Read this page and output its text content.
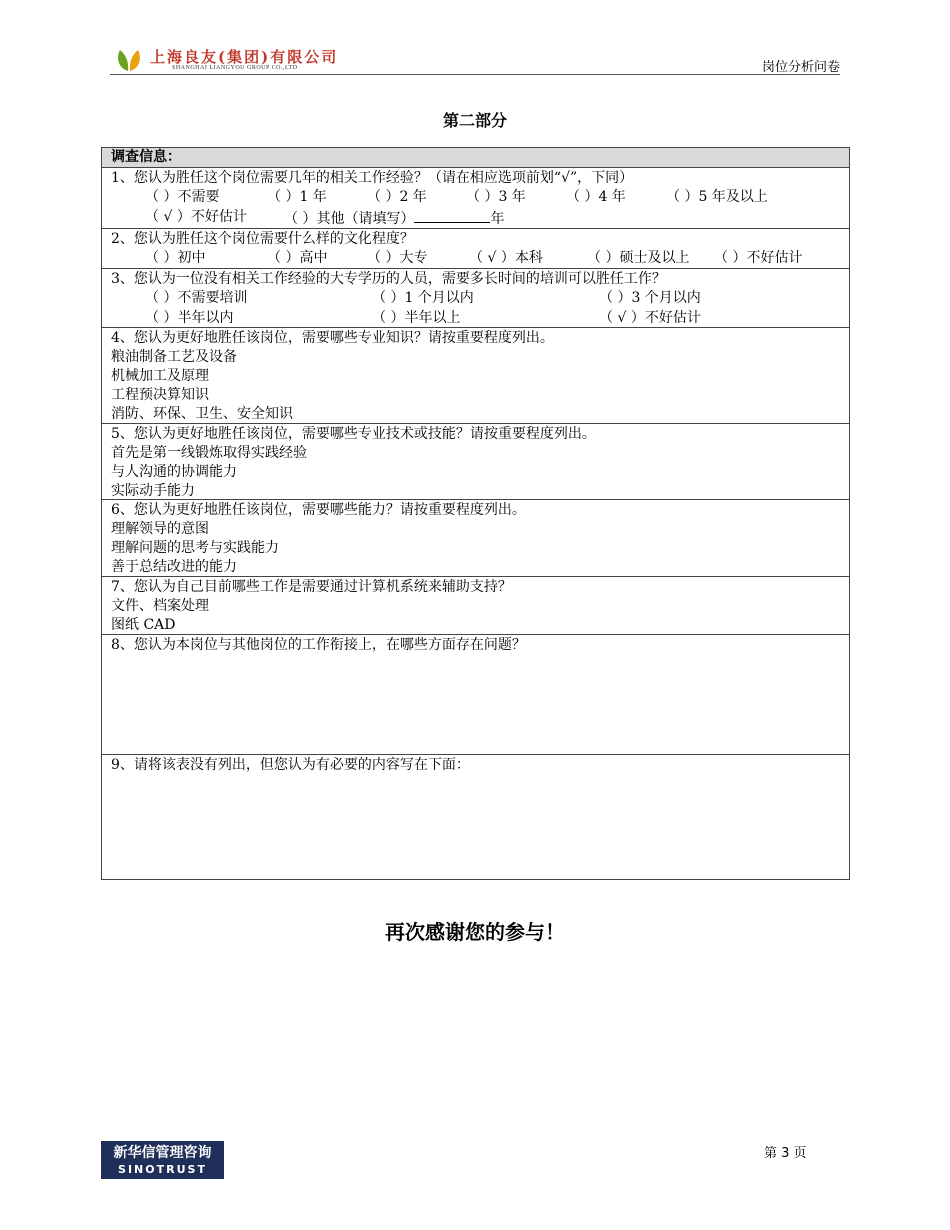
上海良友(集团)有限公司
SHANGHAI LIANGYOU GROUP CO.,LTD	岗位分析问卷
第二部分
调查信息：
1、您认为胜任这个岗位需要几年的相关工作经验？（请在相应选项前划“√”，下同）
（ ）不需要	（ ）1 年	（ ）2 年	（ ）3 年	（ ）4 年	（ ）5 年及以上
（ √ ）不好估计	（ ）其他（请填写）	年
2、您认为胜任这个岗位需要什么样的文化程度？
（ ）初中	（ ）高中	（ ）大专	（ √ ）本科	（ ）硕士及以上 （ ）不好估计
3、您认为一位没有相关工作经验的大专学历的人员，需要多长时间的培训可以胜任工作？
（ ）不需要培训	（ ）1 个月以内	（ ）3 个月以内
（ ）半年以内	（ ）半年以上	（ √ ）不好估计
4、您认为更好地胜任该岗位，需要哪些专业知识？请按重要程度列出。
粮油制备工艺及设备
机械加工及原理
工程预决算知识
消防、环保、卫生、安全知识
5、您认为更好地胜任该岗位，需要哪些专业技术或技能？请按重要程度列出。
首先是第一线锻炼取得实践经验
与人沟通的协调能力
实际动手能力
6、您认为更好地胜任该岗位，需要哪些能力？请按重要程度列出。
理解领导的意图
理解问题的思考与实践能力
善于总结改进的能力
7、您认为自己目前哪些工作是需要通过计算机系统来辅助支持？
文件、档案处理
图纸 CAD
8、您认为本岗位与其他岗位的工作衔接上，在哪些方面存在问题？
9、请将该表没有列出，但您认为有必要的内容写在下面：
再次感谢您的参与！
新华信管理咨询
SINOTRUST
第 3 页
